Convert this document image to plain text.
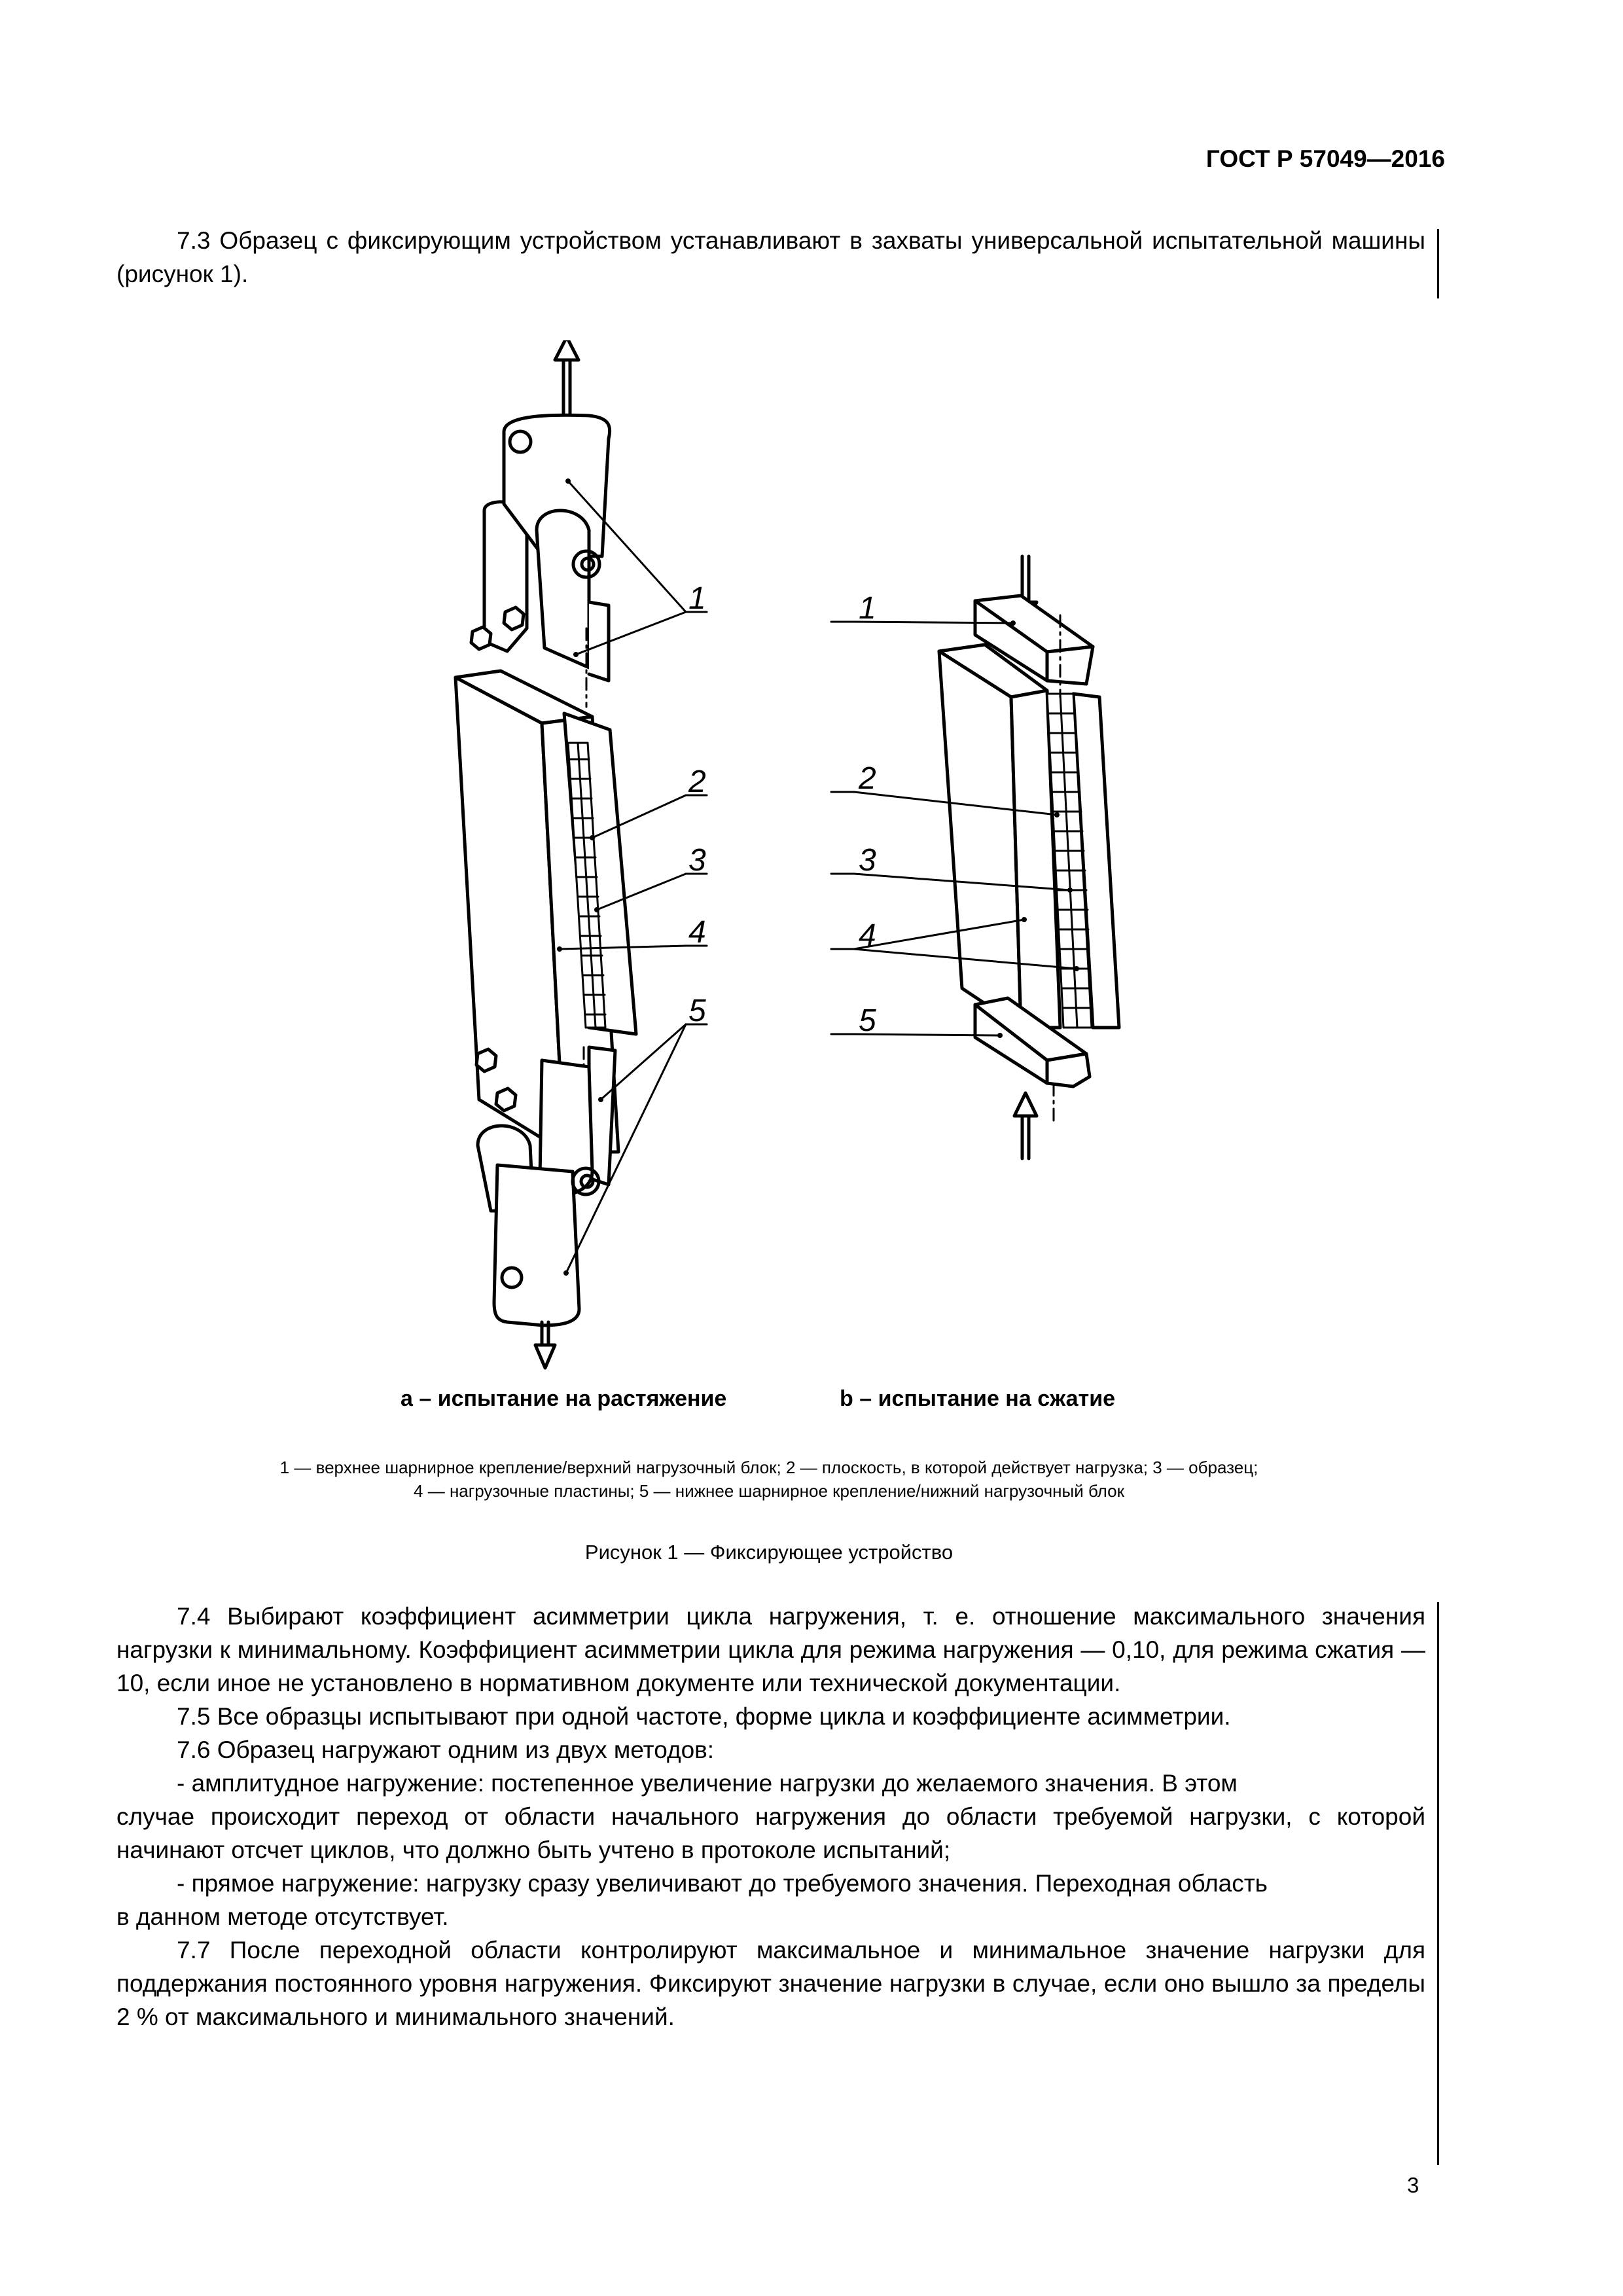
ГОСТ Р 57049—2016

7.3 Образец с фиксирующим устройством устанавливают в захваты универсальной испытательной машины (рисунок 1).

1
2
3
4
5
1
2
3
4
5
а – испытание на растяжение	b – испытание на сжатие
1 — верхнее шарнирное крепление/верхний нагрузочный блок; 2 — плоскость, в которой действует нагрузка; 3 — образец;
4 — нагрузочные пластины; 5 — нижнее шарнирное крепление/нижний нагрузочный блок
Рисунок 1 — Фиксирующее устройство

7.4 Выбирают коэффициент асимметрии цикла нагружения, т. е. отношение максимального значения нагрузки к минимальному. Коэффициент асимметрии цикла для режима нагружения — 0,10, для режима сжатия — 10, если иное не установлено в нормативном документе или технической документации.

7.5 Все образцы испытывают при одной частоте, форме цикла и коэффициенте асимметрии.

7.6 Образец нагружают одним из двух методов:

- амплитудное нагружение: постепенное увеличение нагрузки до желаемого значения. В этом

случае происходит переход от области начального нагружения до области требуемой нагрузки, с которой начинают отсчет циклов, что должно быть учтено в протоколе испытаний;

- прямое нагружение: нагрузку сразу увеличивают до требуемого значения. Переходная область

в данном методе отсутствует.

7.7 После переходной области контролируют максимальное и минимальное значение нагрузки для поддержания постоянного уровня нагружения. Фиксируют значение нагрузки в случае, если оно вышло за пределы 2 % от максимального и минимального значений.

3
